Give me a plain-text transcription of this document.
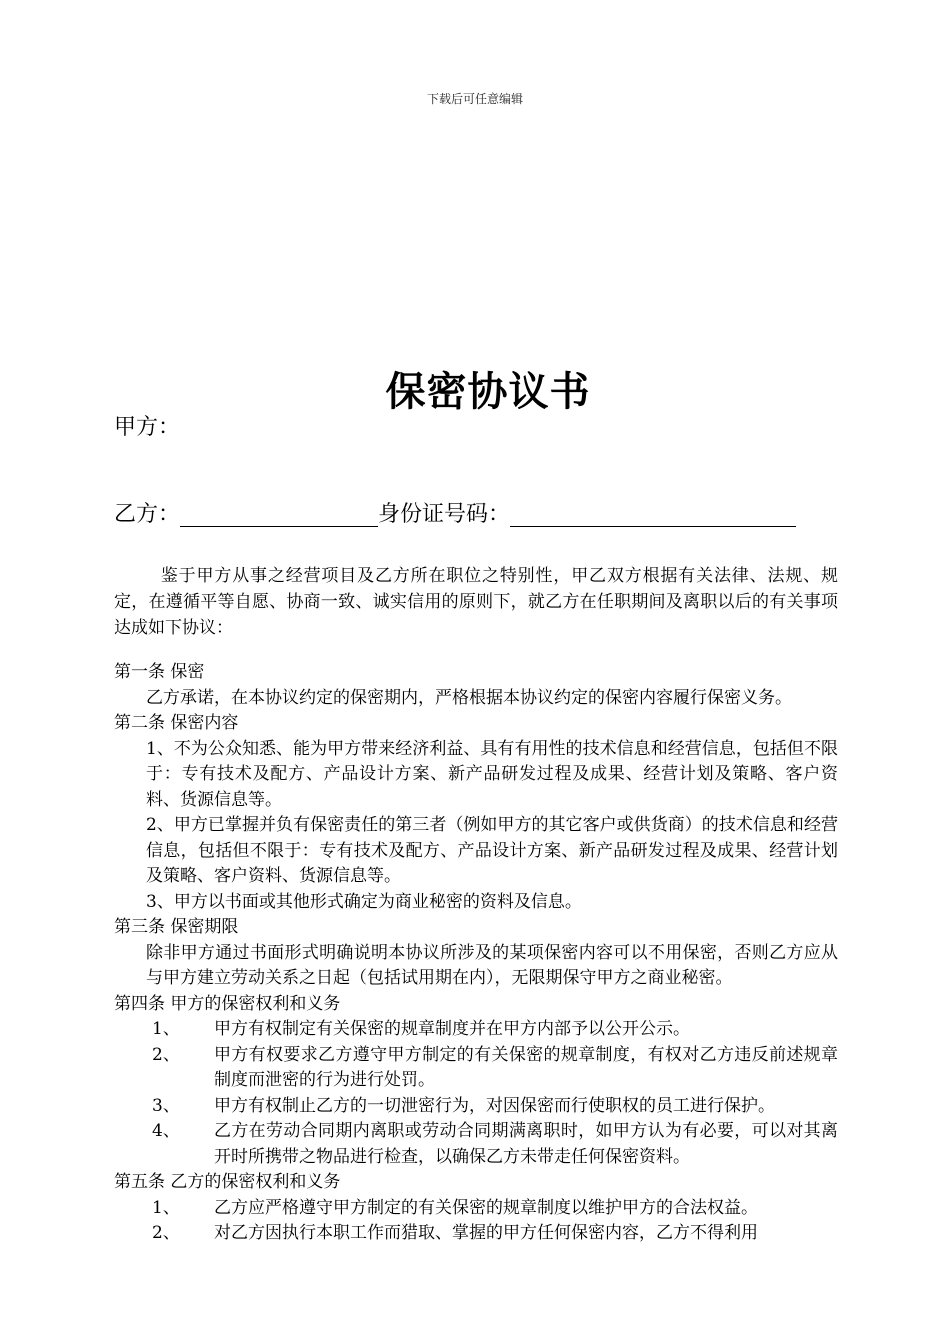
下载后可任意编辑
保密协议书
甲方：
乙方：	身份证号码：
鉴于甲方从事之经营项目及乙方所在职位之特别性，甲乙双方根据有关法律、法规、规定，在遵循平等自愿、协商一致、诚实信用的原则下，就乙方在任职期间及离职以后的有关事项达成如下协议：
第一条 保密
乙方承诺，在本协议约定的保密期内，严格根据本协议约定的保密内容履行保密义务。
第二条 保密内容
1、不为公众知悉、能为甲方带来经济利益、具有有用性的技术信息和经营信息，包括但不限于：专有技术及配方、产品设计方案、新产品研发过程及成果、经营计划及策略、客户资料、货源信息等。
2、甲方已掌握并负有保密责任的第三者（例如甲方的其它客户或供货商）的技术信息和经营信息，包括但不限于：专有技术及配方、产品设计方案、新产品研发过程及成果、经营计划及策略、客户资料、货源信息等。
3、甲方以书面或其他形式确定为商业秘密的资料及信息。
第三条 保密期限
除非甲方通过书面形式明确说明本协议所涉及的某项保密内容可以不用保密，否则乙方应从与甲方建立劳动关系之日起（包括试用期在内），无限期保守甲方之商业秘密。
第四条 甲方的保密权利和义务
1、	甲方有权制定有关保密的规章制度并在甲方内部予以公开公示。
2、	甲方有权要求乙方遵守甲方制定的有关保密的规章制度，有权对乙方违反前述规章制度而泄密的行为进行处罚。
3、	甲方有权制止乙方的一切泄密行为，对因保密而行使职权的员工进行保护。
4、	乙方在劳动合同期内离职或劳动合同期满离职时，如甲方认为有必要，可以对其离开时所携带之物品进行检查，以确保乙方未带走任何保密资料。
第五条 乙方的保密权利和义务
1、	乙方应严格遵守甲方制定的有关保密的规章制度以维护甲方的合法权益。
2、	对乙方因执行本职工作而猎取、掌握的甲方任何保密内容，乙方不得利用
